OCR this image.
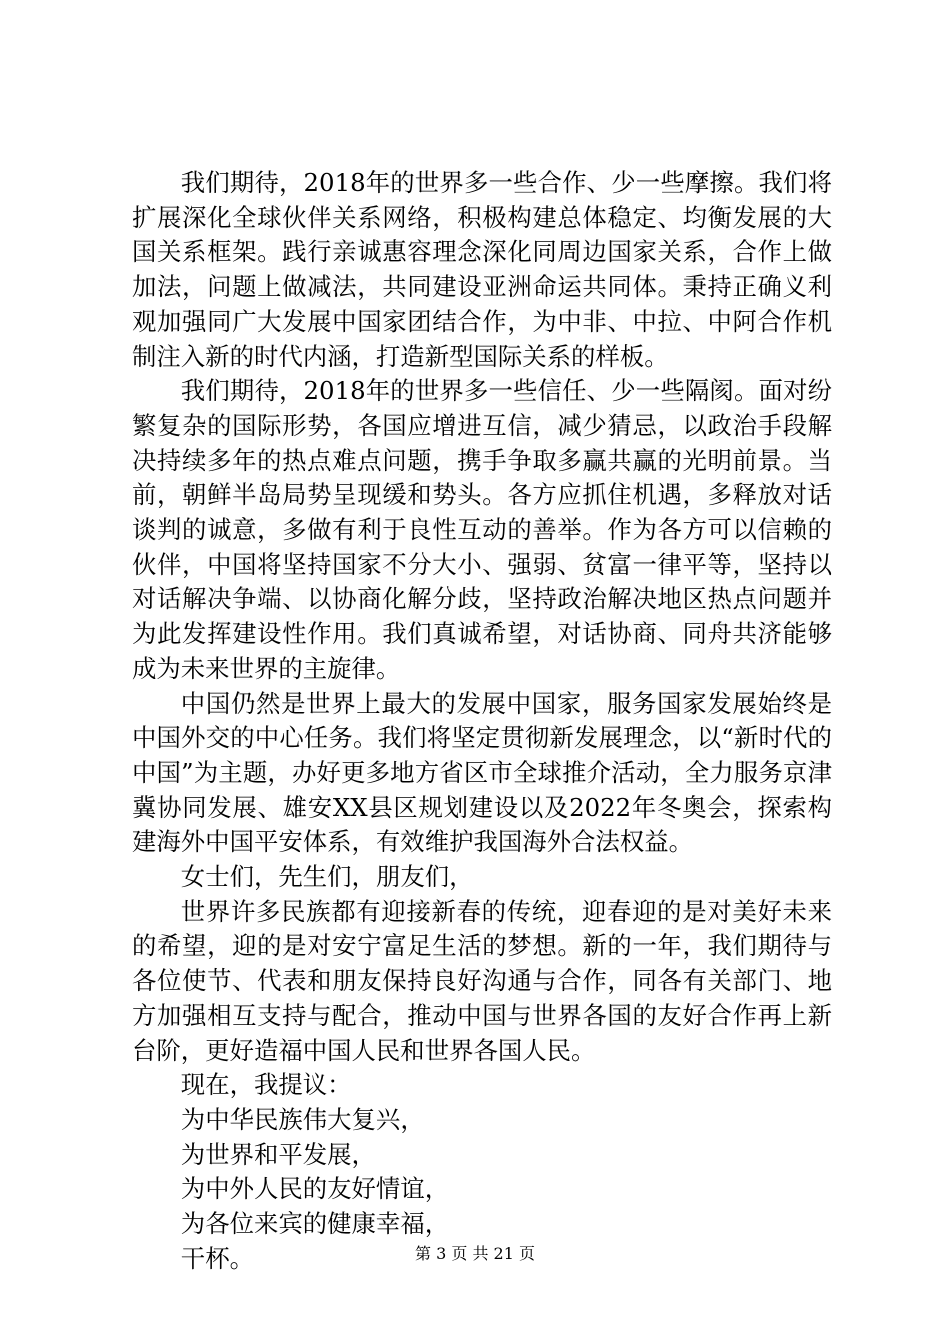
我们期待，2018年的世界多一些合作、少一些摩擦。我们将扩展深化全球伙伴关系网络，积极构建总体稳定、均衡发展的大国关系框架。践行亲诚惠容理念深化同周边国家关系，合作上做加法，问题上做减法，共同建设亚洲命运共同体。秉持正确义利观加强同广大发展中国家团结合作，为中非、中拉、中阿合作机制注入新的时代内涵，打造新型国际关系的样板。

我们期待，2018年的世界多一些信任、少一些隔阂。面对纷繁复杂的国际形势，各国应增进互信，减少猜忌，以政治手段解决持续多年的热点难点问题，携手争取多赢共赢的光明前景。当前，朝鲜半岛局势呈现缓和势头。各方应抓住机遇，多释放对话谈判的诚意，多做有利于良性互动的善举。作为各方可以信赖的伙伴，中国将坚持国家不分大小、强弱、贫富一律平等，坚持以对话解决争端、以协商化解分歧，坚持政治解决地区热点问题并为此发挥建设性作用。我们真诚希望，对话协商、同舟共济能够成为未来世界的主旋律。

中国仍然是世界上最大的发展中国家，服务国家发展始终是中国外交的中心任务。我们将坚定贯彻新发展理念，以“新时代的中国”为主题，办好更多地方省区市全球推介活动，全力服务京津冀协同发展、雄安XX县区规划建设以及2022年冬奥会，探索构建海外中国平安体系，有效维护我国海外合法权益。

女士们，先生们，朋友们，

世界许多民族都有迎接新春的传统，迎春迎的是对美好未来的希望，迎的是对安宁富足生活的梦想。新的一年，我们期待与各位使节、代表和朋友保持良好沟通与合作，同各有关部门、地方加强相互支持与配合，推动中国与世界各国的友好合作再上新台阶，更好造福中国人民和世界各国人民。

现在，我提议：

为中华民族伟大复兴，

为世界和平发展，

为中外人民的友好情谊，

为各位来宾的健康幸福，

干杯。	第 3 页 共 21 页
